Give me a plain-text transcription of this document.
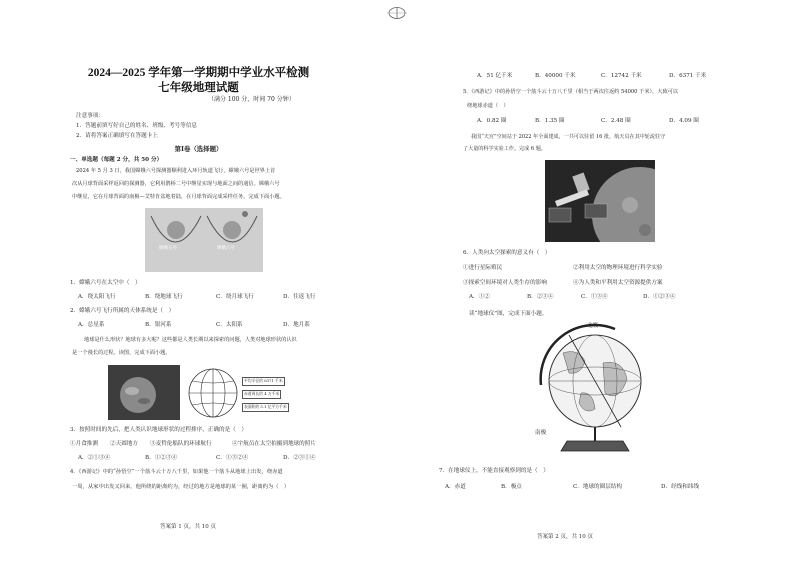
2024—2025 学年第一学期期中学业水平检测
七年级地理试题
（满分 100 分，时间 70 分钟）
注意事项：
1．答题前填写好自己的姓名、班级、考号等信息
2．请将答案正确填写在答题卡上
第Ⅰ卷（选择题）
一、单选题（每题 2 分，共 50 分）
2024 年 5 月 3 日，我国嫦娥六号探测器顺利进入环月轨道飞行，嫦娥六号是世界上首
次从月球背面采样返回的探测器，它利用鹊桥二号中继星实现与地面之间的通信。嫦娥六号
中继星，它在月球背面的南极—艾特肯盆地着陆，在月球背面完成采样任务。完成下面小题。
嫦娥五号	嫦娥六号
1．嫦娥六号在太空中（　）
A．绕太阳飞行	B．绕地球飞行	C．绕月球飞行	D．往返飞行
2．嫦娥六号飞行所属的天体系统是（　）
A．总星系	B．银河系	C．太阳系	D．地月系
地球是什么形状？地球有多大呢？这些都是人类长期以来探索的问题，人类对地球形状的认识
是一个漫长的过程。读图，完成下面小题。
平均半径约 6371 千米
赤道周长约 4 万千米
表面积约 5.1 亿平方千米
3．按照时间的先后，把人类认识地球形状的过程排序，正确的是（　）
①月食推测 ②天圆地方 ③麦哲伦船队的环球航行	④宇航员在太空拍摄到地球的照片
A．②①③④	B．①②③④	C．①③②④	D．②③①④
4．《西游记》中的“孙悟空”一个筋斗云十万八千里，如果他一个筋斗从地球上出发，绕赤道
一周，从家中出发又回来，他所绕的距离约为，经过的地方是地球的某一圈，距离约为（　）
答案第 1 页，共 10 页
A．51 亿千米	B．40000 千米	C．12742 千米	D．6371 千米
5．《西游记》中的孙悟空一个筋斗云十万八千里（相当于两次往返约 54000 千米），大致可以
绕地球赤道（　）
A．0.82 圈	B．1.35 圈	C．2.48 圈	D．4.09 圈
我国“天宫”空间站于 2022 年全面建成，一共可以驻留 16 批，航天员在其中轮流驻守
了大量的科学实验工作。完成 6 题。
6．人类向太空探索的意义有（　）
①进行星际殖民	②利用太空的物理环境进行科学实验
③探索空间环境对人类生存的影响	④为人类和平利用太空资源提供方案
A．①②	B．②③④	C．①③④	D．①②③④
读“地球仪”图，完成下面小题。
北极
南极
7．在地球仪上，不能直接观察到的是（　）
A．赤道	B．极点	C．地球的圈层结构	D．经线和纬线
答案第 2 页，共 10 页
